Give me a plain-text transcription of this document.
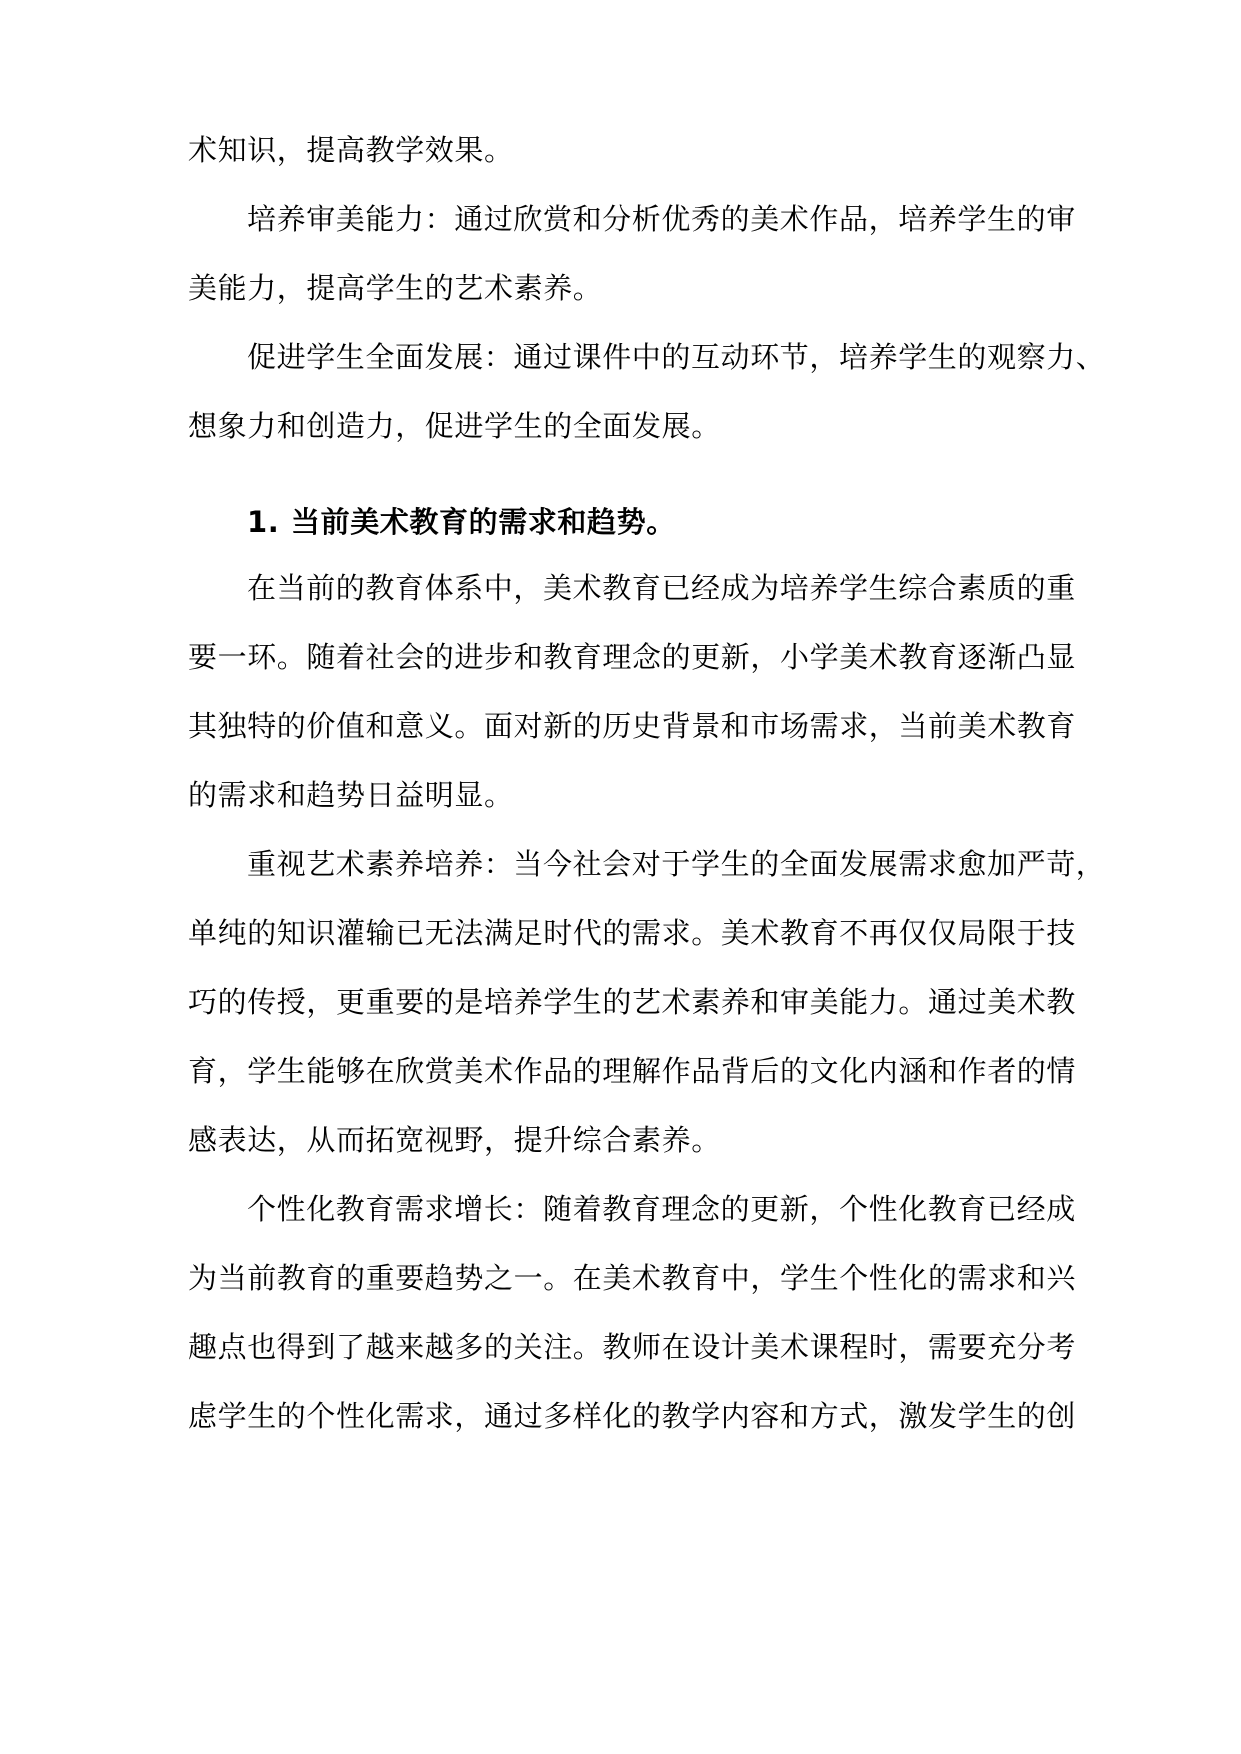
术知识，提高教学效果。
培养审美能力：通过欣赏和分析优秀的美术作品，培养学生的审
美能力，提高学生的艺术素养。
促进学生全面发展：通过课件中的互动环节，培养学生的观察力、
想象力和创造力，促进学生的全面发展。
1. 当前美术教育的需求和趋势。
在当前的教育体系中，美术教育已经成为培养学生综合素质的重
要一环。随着社会的进步和教育理念的更新，小学美术教育逐渐凸显
其独特的价值和意义。面对新的历史背景和市场需求，当前美术教育
的需求和趋势日益明显。
重视艺术素养培养：当今社会对于学生的全面发展需求愈加严苛，
单纯的知识灌输已无法满足时代的需求。美术教育不再仅仅局限于技
巧的传授，更重要的是培养学生的艺术素养和审美能力。通过美术教
育，学生能够在欣赏美术作品的理解作品背后的文化内涵和作者的情
感表达，从而拓宽视野，提升综合素养。
个性化教育需求增长：随着教育理念的更新，个性化教育已经成
为当前教育的重要趋势之一。在美术教育中，学生个性化的需求和兴
趣点也得到了越来越多的关注。教师在设计美术课程时，需要充分考
虑学生的个性化需求，通过多样化的教学内容和方式，激发学生的创
